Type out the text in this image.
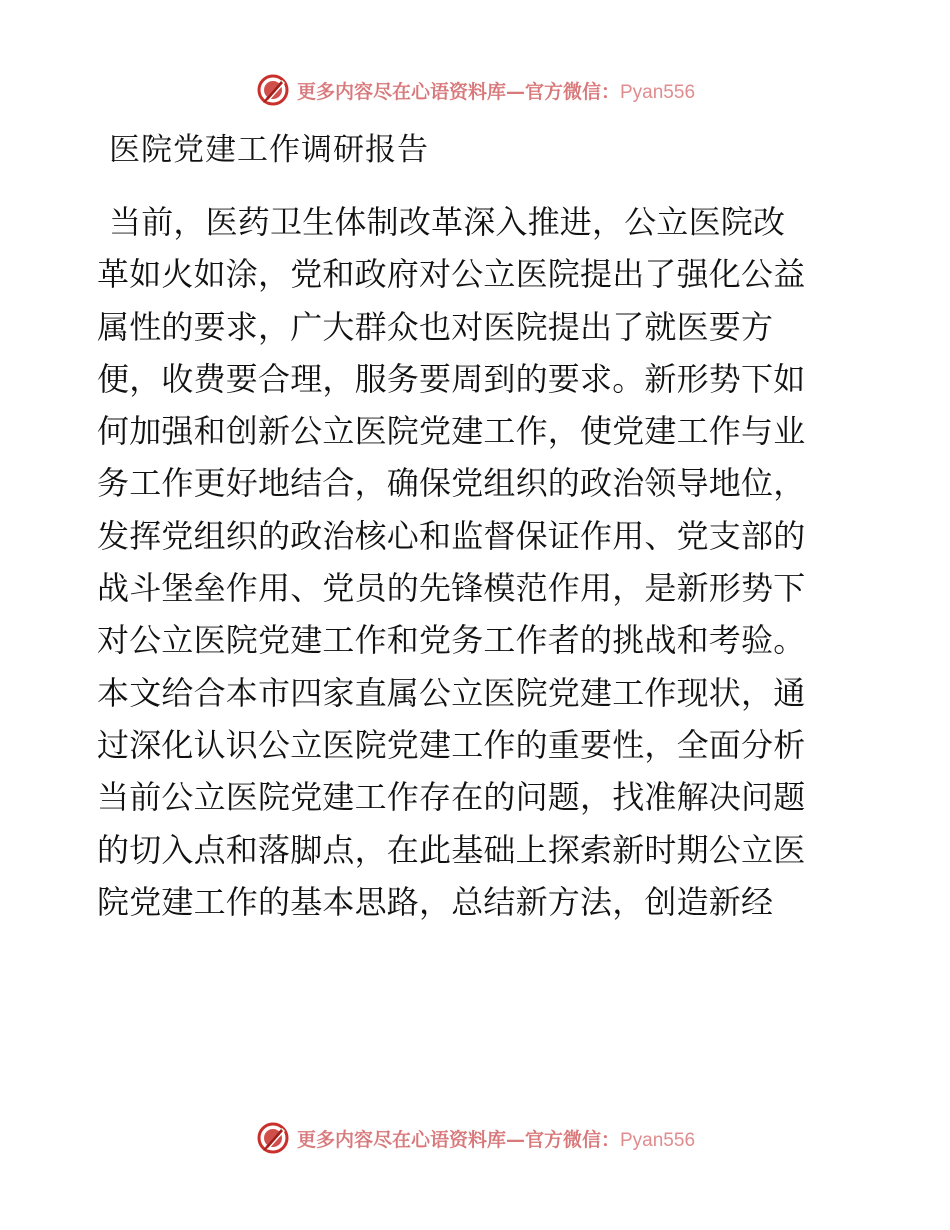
更多内容尽在心语资料库—官方微信：Pyan556
医院党建工作调研报告
当前，医药卫生体制改革深入推进，公立医院改
革如火如涂，党和政府对公立医院提出了强化公益
属性的要求，广大群众也对医院提出了就医要方
便，收费要合理，服务要周到的要求。新形势下如
何加强和创新公立医院党建工作，使党建工作与业
务工作更好地结合，确保党组织的政治领导地位，
发挥党组织的政治核心和监督保证作用、党支部的
战斗堡垒作用、党员的先锋模范作用，是新形势下
对公立医院党建工作和党务工作者的挑战和考验。
本文给合本市四家直属公立医院党建工作现状，通
过深化认识公立医院党建工作的重要性，全面分析
当前公立医院党建工作存在的问题，找准解决问题
的切入点和落脚点，在此基础上探索新时期公立医
院党建工作的基本思路，总结新方法，创造新经
更多内容尽在心语资料库—官方微信：Pyan556
